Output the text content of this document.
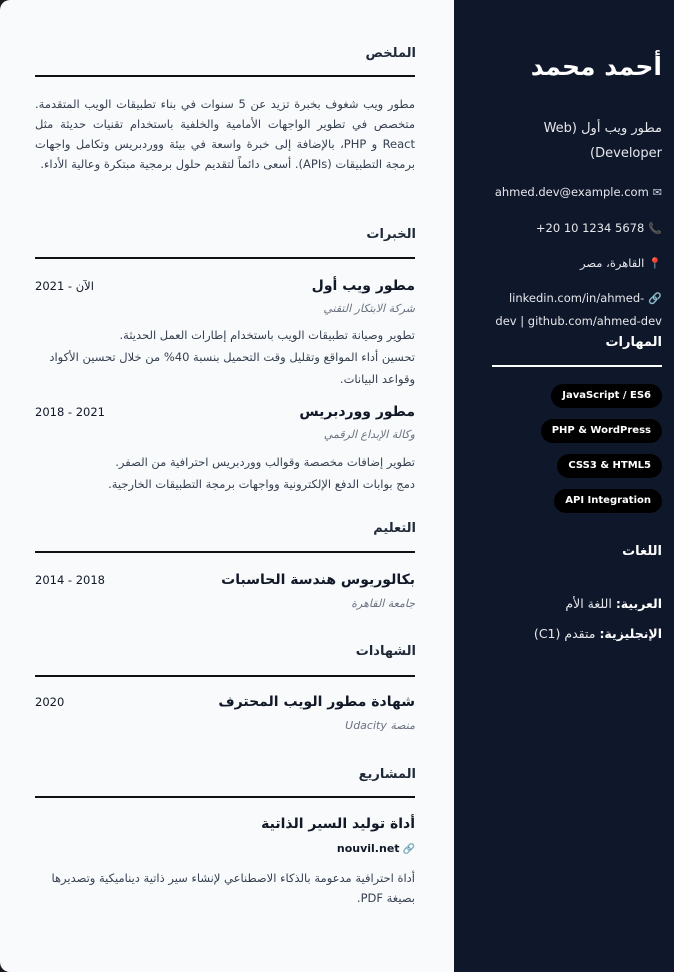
الملخص
مطور ويب شغوف بخبرة تزيد عن 5 سنوات في بناء تطبيقات الويب المتقدمة. متخصص في تطوير الواجهات الأمامية والخلفية باستخدام تقنيات حديثة مثل React و PHP، بالإضافة إلى خبرة واسعة في بيئة ووردبريس وتكامل واجهات برمجة التطبيقات (APIs). أسعى دائماً لتقديم حلول برمجية مبتكرة وعالية الأداء.
الخبرات
مطور ويب أول
2021 - الآن
شركة الابتكار التقني
تطوير وصيانة تطبيقات الويب باستخدام إطارات العمل الحديثة.
تحسين أداء المواقع وتقليل وقت التحميل بنسبة 40% من خلال تحسين الأكواد وقواعد البيانات.
مطور ووردبريس
2018 - 2021
وكالة الإبداع الرقمي
تطوير إضافات مخصصة وقوالب ووردبريس احترافية من الصفر.
دمج بوابات الدفع الإلكترونية وواجهات برمجة التطبيقات الخارجية.
التعليم
بكالوريوس هندسة الحاسبات
2014 - 2018
جامعة القاهرة
الشهادات
شهادة مطور الويب المحترف
2020
منصة Udacity
المشاريع
أداة توليد السير الذاتية
🔗nouvil.net
أداة احترافية مدعومة بالذكاء الاصطناعي لإنشاء سير ذاتية ديناميكية وتصديرها بصيغة PDF.
أحمد محمد
مطور ويب أول (Web Developer)
✉ahmed.dev@example.com
📞+20 10 1234 5678
📍القاهرة، مصر
🔗linkedin.com/in/ahmed-dev | github.com/ahmed-dev
المهارات
JavaScript / ES6
PHP & WordPress
CSS3 & HTML5
API Integration
اللغات
العربية: اللغة الأم
الإنجليزية: متقدم (C1)
